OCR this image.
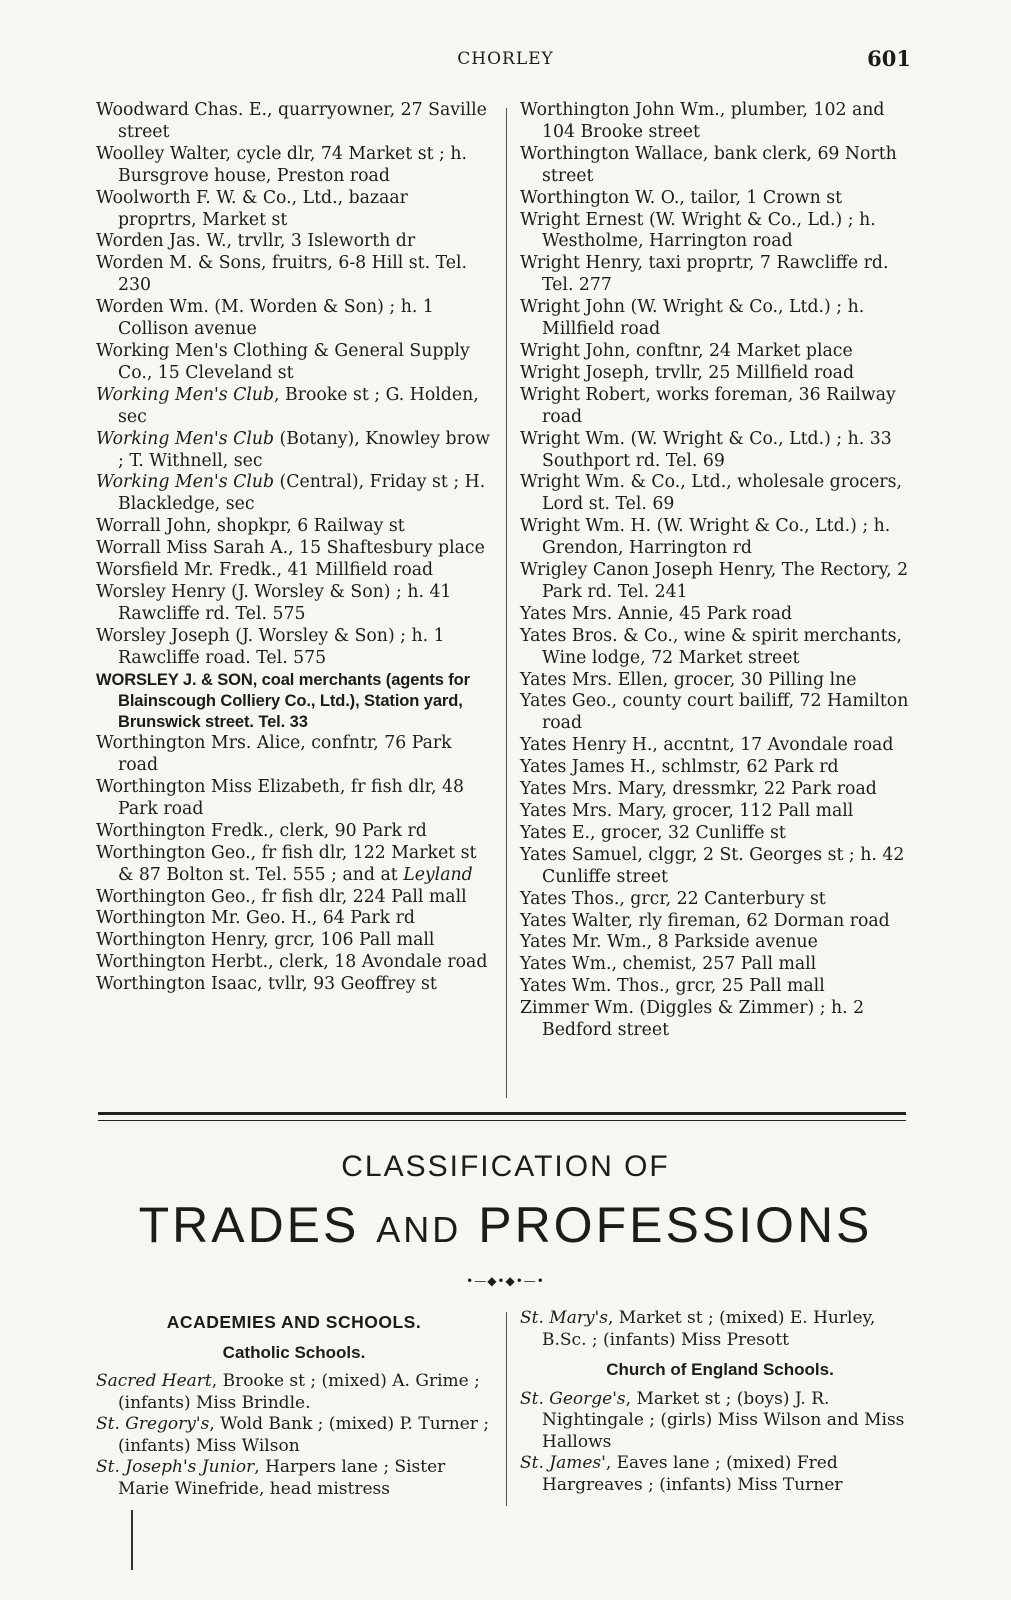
CHORLEY	601
Woodward Chas. E., quarryowner, 27 Saville street
Woolley Walter, cycle dlr, 74 Market st ; h. Bursgrove house, Preston road
Woolworth F. W. & Co., Ltd., bazaar proprtrs, Market st
Worden Jas. W., trvllr, 3 Isleworth dr
Worden M. & Sons, fruitrs, 6-8 Hill st. Tel. 230
Worden Wm. (M. Worden & Son) ; h. 1 Collison avenue
Working Men's Clothing & General Supply Co., 15 Cleveland st
Working Men's Club, Brooke st ; G. Holden, sec
Working Men's Club (Botany), Knowley brow ; T. Withnell, sec
Working Men's Club (Central), Friday st ; H. Blackledge, sec
Worrall John, shopkpr, 6 Railway st
Worrall Miss Sarah A., 15 Shaftesbury place
Worsfield Mr. Fredk., 41 Millfield road
Worsley Henry (J. Worsley & Son) ; h. 41 Rawcliffe rd. Tel. 575
Worsley Joseph (J. Worsley & Son) ; h. 1 Rawcliffe road. Tel. 575
WORSLEY J. & SON, coal merchants (agents for Blainscough Colliery Co., Ltd.), Station yard, Brunswick street. Tel. 33
Worthington Mrs. Alice, confntr, 76 Park road
Worthington Miss Elizabeth, fr fish dlr, 48 Park road
Worthington Fredk., clerk, 90 Park rd
Worthington Geo., fr fish dlr, 122 Market st & 87 Bolton st. Tel. 555 ; and at Leyland
Worthington Geo., fr fish dlr, 224 Pall mall
Worthington Mr. Geo. H., 64 Park rd
Worthington Henry, grcr, 106 Pall mall
Worthington Herbt., clerk, 18 Avondale road
Worthington Isaac, tvllr, 93 Geoffrey st
Worthington John Wm., plumber, 102 and 104 Brooke street
Worthington Wallace, bank clerk, 69 North street
Worthington W. O., tailor, 1 Crown st
Wright Ernest (W. Wright & Co., Ld.) ; h. Westholme, Harrington road
Wright Henry, taxi proprtr, 7 Rawcliffe rd. Tel. 277
Wright John (W. Wright & Co., Ltd.) ; h. Millfield road
Wright John, conftnr, 24 Market place
Wright Joseph, trvllr, 25 Millfield road
Wright Robert, works foreman, 36 Railway road
Wright Wm. (W. Wright & Co., Ltd.) ; h. 33 Southport rd. Tel. 69
Wright Wm. & Co., Ltd., wholesale grocers, Lord st. Tel. 69
Wright Wm. H. (W. Wright & Co., Ltd.) ; h. Grendon, Harrington rd
Wrigley Canon Joseph Henry, The Rectory, 2 Park rd. Tel. 241
Yates Mrs. Annie, 45 Park road
Yates Bros. & Co., wine & spirit merchants, Wine lodge, 72 Market street
Yates Mrs. Ellen, grocer, 30 Pilling lne
Yates Geo., county court bailiff, 72 Hamilton road
Yates Henry H., accntnt, 17 Avondale road
Yates James H., schlmstr, 62 Park rd
Yates Mrs. Mary, dressmkr, 22 Park road
Yates Mrs. Mary, grocer, 112 Pall mall
Yates E., grocer, 32 Cunliffe st
Yates Samuel, clggr, 2 St. Georges st ; h. 42 Cunliffe street
Yates Thos., grcr, 22 Canterbury st
Yates Walter, rly fireman, 62 Dorman road
Yates Mr. Wm., 8 Parkside avenue
Yates Wm., chemist, 257 Pall mall
Yates Wm. Thos., grcr, 25 Pall mall
Zimmer Wm. (Diggles & Zimmer) ; h. 2 Bedford street
CLASSIFICATION OF
TRADES AND PROFESSIONS
•—◆•◆•—•
ACADEMIES AND SCHOOLS.
Catholic Schools.
Sacred Heart, Brooke st ; (mixed) A. Grime ; (infants) Miss Brindle.
St. Gregory's, Wold Bank ; (mixed) P. Turner ; (infants) Miss Wilson
St. Joseph's Junior, Harpers lane ; Sister Marie Winefride, head mistress
St. Mary's, Market st ; (mixed) E. Hurley, B.Sc. ; (infants) Miss Presott
Church of England Schools.
St. George's, Market st ; (boys) J. R. Nightingale ; (girls) Miss Wilson and Miss Hallows
St. James', Eaves lane ; (mixed) Fred Hargreaves ; (infants) Miss Turner
